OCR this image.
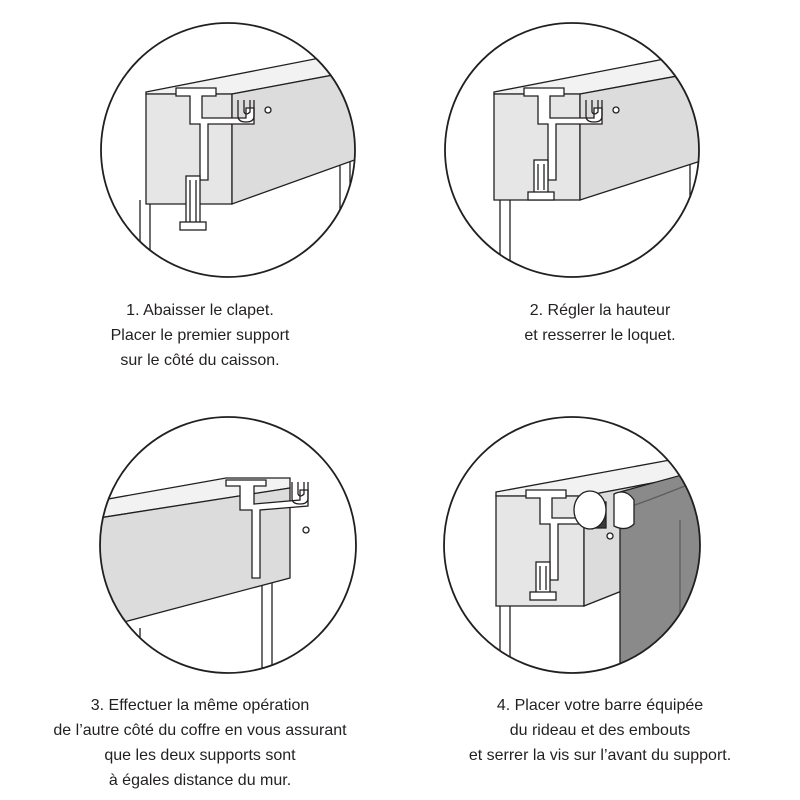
1. Abaisser le clapet.
Placer le premier support
sur le côté du caisson.

2. Régler la hauteur
et resserrer le loquet.

3. Effectuer la même opération
de l’autre côté du coffre en vous assurant
que les deux supports sont
à égales distance du mur.

4. Placer votre barre équipée
du rideau et des embouts
et serrer la vis sur l’avant du support.
